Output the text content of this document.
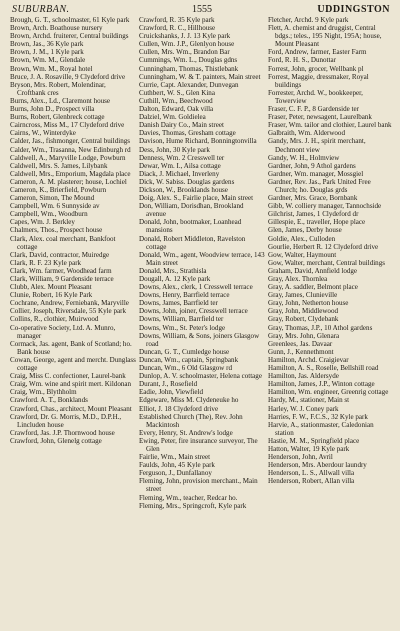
SUBURBAN.	1555	UDDINGSTON

Brough, G. T., schoolmaster, 61 Kyle park

Brown, Arch. Boathouse nursery

Brown, Archd. fruiterer, Central buildings

Brown, Jas., 36 Kyle park

Brown, J. M., 1 Kyle park

Brown, Wm. M., Glendale

Brown, Wm. M., Royal hotel

Bruce, J. A. Rosaville, 9 Clydeford drive

Bryson, Mrs. Robert, Molendinar, Croftbank cres

Burns, Alex., Ld., Claremont house

Burns, John D., Prospect villa

Burns, Robert, Glenbreck cottage

Cairncross, Miss M., 17 Clydeford drive

Cairns, W., Winterdyke

Calder, Jas., fishmonger, Central buildings

Calder, Wm., Trasanna, New Edinburgh rd

Caldwell, A., Maryville Lodge, Powburn

Caldwell, Mrs. S. James, Lilybank

Caldwell, Mrs., Emporium, Magdala place

Cameron, A. M. plasterer; house, Lochiel

Cameron, K., Brierfield, Powburn

Cameron, Simon, The Mound

Campbell, Wm. 6 Sunnyside av

Campbell, Wm., Woodburn

Capes, Wm. J. Berkley

Chalmers, Thos., Prospect house

Clark, Alex. coal merchant, Bankfoot cottage

Clark, David, contractor, Muiredge

Clark, R. F. 23 Kyle park

Clark, Wm. farmer, Woodhead farm

Clark, William, 9 Gardenside terrace

Clubb, Alex. Mount Pleasant

Clunie, Robert, 16 Kyle Park

Cochrane, Andrew, Ferniebank, Maryville

Collier, Joseph, Riversdale, 55 Kyle park

Collins, R., clothier, Muirwood

Co-operative Society, Ltd. A. Munro, manager

Cormack, Jas. agent, Bank of Scotland; ho. Bank house

Cowan, George, agent and mercht. Dunglass cottage

Craig, Miss C. confectioner, Laurel-bank

Craig, Wm. wine and spirit mert. Kildonan

Craig, Wm., Blythholm

Crawford. A. T., Bonklands

Crawford, Chas., architect, Mount Pleasant

Crawford, Dr. G. Morris, M.D., D.P.H., Lincluden house

Crawford, Jas. J.P. Thornwood house

Crawford, John, Glenelg cottage

Crawford, R. 35 Kyle park

Crawford, R. C., Hillhouse

Cruickshanks, J. J. 13 Kyle park

Cullen, Wm. J.P., Glenlyon house

Cullen, Mrs. Wm., Brandon Bar

Cummings, Wm. L., Douglas gdns

Cunningham, Thomas, Thistlebank

Cunningham, W. & T. painters, Main street

Currie, Capt. Alexander, Dunvegan

Cuthbert, W. S., Glen Kina

Cuthill, Wm., Beechwood

Dalton, Edward, Oak villa

Dalziel, Wm. Goldielea

Danish Dairy Co., Main street

Davies, Thomas, Gresham cottage

Davison, Hume Richard, Bonningtonvilla

Dess, John, 30 Kyle park

Denness, Wm. 2 Cresswell ter

Dewar, Wm. I., Ailsa cottage

Diack, J. Michael, Inverleny

Dick, W. Sabiss. Douglas gardens

Dickson, W., Brooklands house

Doig, Alex. S., Fairlie place, Main street

Don, William, Dorisdhan, Brookland avenue

Donald, John, bootmaker, Loanhead mansions

Donald, Robert Middleton, Ravelston cottage

Donald, Wm., agent, Woodview terrace, 143 Main street

Donald, Mrs., Strathisla

Dougall, A. 12 Kyle park

Downs, Alex., clerk, 1 Cresswell terrace

Downs, Henry, Barrfield terrace

Downs, James, Barrfield ter

Downs, John, joiner, Cresswell terrace

Downs, William, Barrfield ter

Downs, Wm., St. Peter's lodge

Downs, William, & Sons, joiners Glasgow road

Duncan, G. T., Cumledge house

Duncan, Wm., captain, Springbank

Duncan, Wm., 6 Old Glasgow rd

Dunlop, A. V. schoolmaster, Helena cottage

Durant, J., Rosefield

Eadie, John, Viewfield

Edgeware, Miss M. Clydeneuke ho

Elliot, J. 18 Clydeford drive

Established Church (The), Rev. John Mackintosh

Every, Henry, St. Andrew's lodge

Ewing, Peter, fire insurance surveyor, The Glen

Fairlie, Wm., Main street

Faulds, John, 45 Kyle park

Ferguson, J., Dunfallanoy

Fleming, John, provision merchant., Main street

Fleming, Wm., teacher, Redcar ho.

Fleming, Mrs., Springcroft, Kyle park

Fletcher, Archd. 9 Kyle park

Flett, A. chemist and druggist, Central bdgs.; teles., 195 Night, 195A; house, Mount Pleasant

Ford, Andrew, farmer, Easter Farm

Ford, R. H. S., Dunottar

Forrest, John, grocer, Wellbank pl

Forrest, Maggie, dressmaker, Royal buildings

Forrester, Archd. W., bookkeeper, Towerview

Fraser, C. F. P., 8 Gardenside ter

Fraser, Peter, newsagent, Laurelbank

Fraser, Wm. tailor and clothier, Laurel bank

Galbraith, Wm. Alderwood

Gandy, Mrs. J. H., spirit merchant, Dechmont view

Gandy, W. H., Holmview

Gardner, John, 9 Athol gardens

Gardner, Wm. manager, Mossgiel

Gardner, Rev. Jas., Park United Free Church; ho. Douglas grds

Gardner, Mrs. Grace, Bornbank

Gibb, W. colliery manager, Tannochside

Gilchrist, James, 1 Clydeford dr

Gillespie, E., traveller, Hope place

Glen, James, Derby house

Goldie, Alex., Culloden

Gourlie, Herbert R. 12 Clydeford drive

Gow, Walter, Haymount

Gow, Walter, merchant, Central buildings

Graham, David, Annfield lodge

Gray, Alex. Thornlea

Gray, A. saddler, Belmont place

Gray, James, Clunieville

Gray, John, Netherton house

Gray, John, Middlewood

Gray, Robert, Clydebank

Gray, Thomas, J.P., 10 Athol gardens

Gray, Mrs. John, Glenara

Greenlees, Jas. Davaar

Gunn, J., Kennethmont

Hamilton, Archd. Craigievar

Hamilton, A. S., Roselle, Bellshill road

Hamilton, Jas. Aldersyde

Hamilton, James, J.P., Winton cottage

Hamilton, Wm. engineer, Greenrig cottage

Hardy, M., stationer, Main st

Harley, W. J. Coney park

Harries, F. W., F.C.S., 32 Kyle park

Harvie, A., stationmaster, Caledonian station

Hastie, M. M., Springfield place

Hatton, Walter, 19 Kyle park

Henderson, John, Avril

Henderson, Mrs. Aberdour laundry

Henderson, L. S., Allwall villa

Henderson, Robert, Allan villa
